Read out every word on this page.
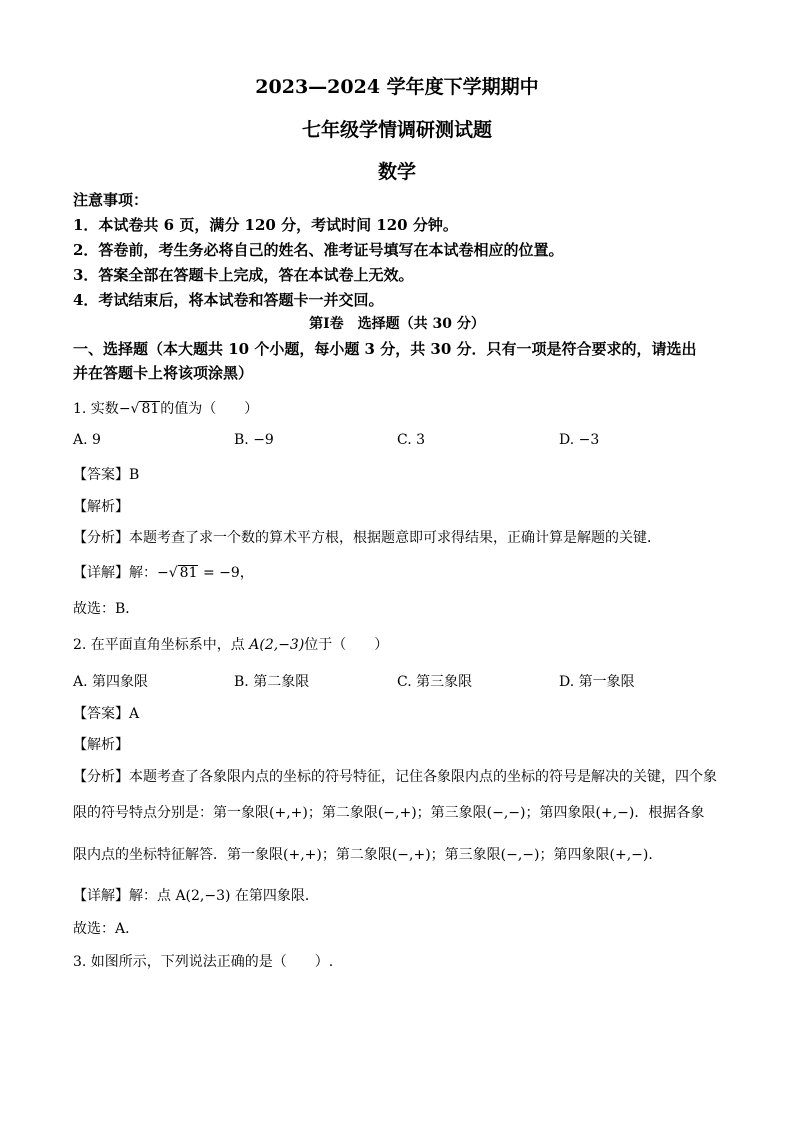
2023—2024 学年度下学期期中
七年级学情调研测试题
数学
注意事项：
1．本试卷共 6 页，满分 120 分，考试时间 120 分钟。
2．答卷前，考生务必将自己的姓名、准考证号填写在本试卷相应的位置。
3．答案全部在答题卡上完成，答在本试卷上无效。
4．考试结束后，将本试卷和答题卡一并交回。
第Ⅰ卷　选择题（共 30 分）
一、选择题（本大题共 10 个小题，每小题 3 分，共 30 分．只有一项是符合要求的，请选出
并在答题卡上将该项涂黑）
1. 实数−√ 81的值为（　　）
A. 9	B. −9	C. 3	D. −3
【答案】B
【解析】
【分析】本题考查了求一个数的算术平方根，根据题意即可求得结果，正确计算是解题的关键．
【详解】解：−√ 81 = −9，
故选：B．
2. 在平面直角坐标系中，点 A(2,−3)位于（　　）
A. 第四象限	B. 第二象限	C. 第三象限	D. 第一象限
【答案】A
【解析】
【分析】本题考查了各象限内点的坐标的符号特征，记住各象限内点的坐标的符号是解决的关键，四个象
限的符号特点分别是：第一象限(+,+)；第二象限(−,+)；第三象限(−,−)；第四象限(+,−)．根据各象
限内点的坐标特征解答．第一象限(+,+)；第二象限(−,+)；第三象限(−,−)；第四象限(+,−)．
【详解】解：点 A(2,−3) 在第四象限．
故选：A．
3. 如图所示，下列说法正确的是（　　）.
